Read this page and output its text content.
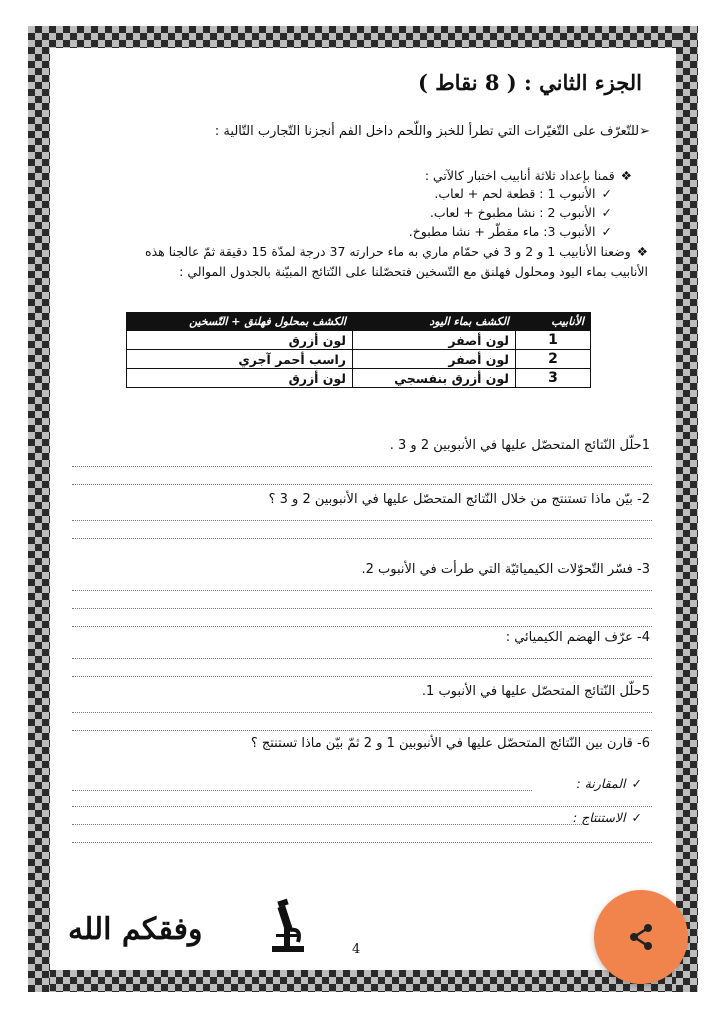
الجزء الثاني : ( 8 نقاط )
➢للتّعرّف على التّغيّرات التي تطرأ للخبز واللّحم داخل الفم أنجزنا التّجارب التّالية :
❖قمنا بإعداد ثلاثة أنابيب اختبار كالآتي :
✓الأنبوب 1 : قطعة لحم + لعاب.
✓الأنبوب 2 : نشا مطبوخ + لعاب.
✓الأنبوب 3: ماء مقطّر + نشا مطبوخ.
❖وضعنا الأنابيب 1 و 2 و 3 في حمّام ماري به ماء حرارته 37 درجة لمدّة 15 دقيقة ثمّ عالجنا هذه
الأنابيب بماء اليود ومحلول فهلنق مع التّسخين فتحصّلنا على النّتائج المبيّنة بالجدول الموالي :
الأنابيب	الكشف بماء اليود	الكشف بمحلول فهلنق + التّسخين
1	لون أصفر	لون أزرق
2	لون أصفر	راسب أحمر آجري
3	لون أزرق بنفسجي	لون أزرق
1حلّل النّتائج المتحصّل عليها في الأنبوبين 2 و 3 .
2- بيّن ماذا تستنتج من خلال النّتائج المتحصّل عليها في الأنبوبين 2 و 3 ؟
3- فسّر التّحوّلات الكيميائيّة التي طرأت في الأنبوب 2.
4- عرّف الهضم الكيميائي :
5حلّل النّتائج المتحصّل عليها في الأنبوب 1.
6- قارن بين النّتائج المتحصّل عليها في الأنبوبين 1 و 2 ثمّ بيّن ماذا تستنتج ؟
✓المقارنة :
✓الاستنتاج :
وفقكم الله
4
